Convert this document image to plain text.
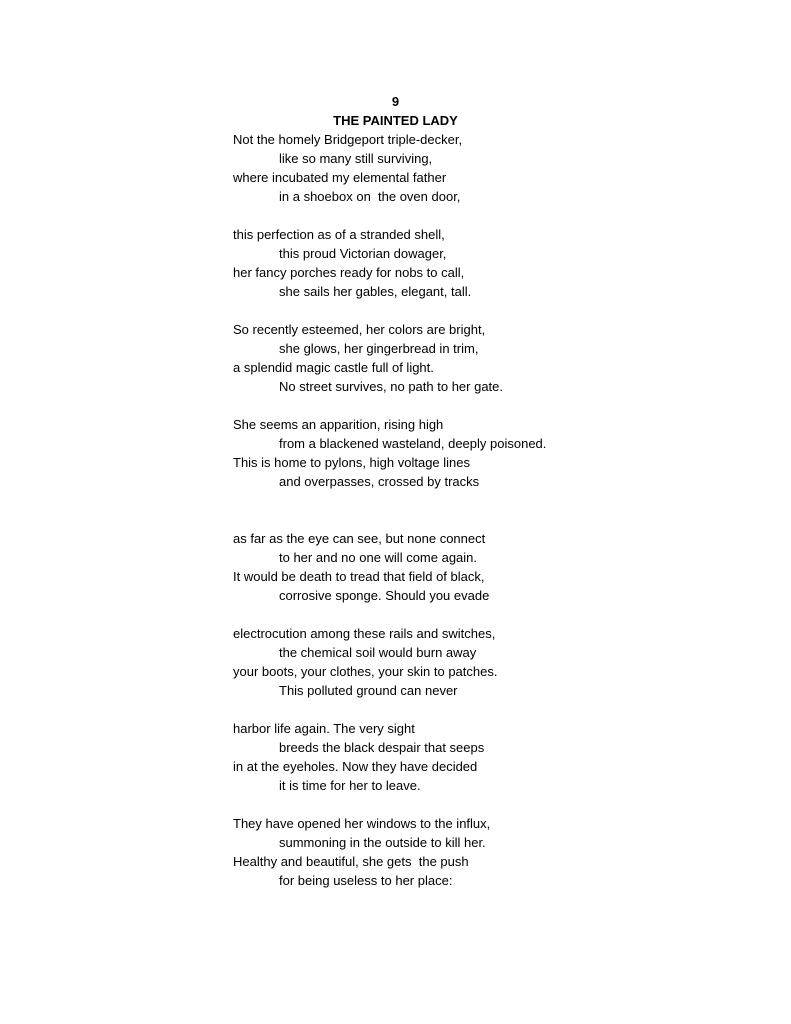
9
THE PAINTED LADY
Not the homely Bridgeport triple-decker,
like so many still surviving,
where incubated my elemental father
in a shoebox on  the oven door,
this perfection as of a stranded shell,
this proud Victorian dowager,
her fancy porches ready for nobs to call,
she sails her gables, elegant, tall.
So recently esteemed, her colors are bright,
she glows, her gingerbread in trim,
a splendid magic castle full of light.
No street survives, no path to her gate.
She seems an apparition, rising high
from a blackened wasteland, deeply poisoned.
This is home to pylons, high voltage lines
and overpasses, crossed by tracks
as far as the eye can see, but none connect
to her and no one will come again.
It would be death to tread that field of black,
corrosive sponge. Should you evade
electrocution among these rails and switches,
the chemical soil would burn away
your boots, your clothes, your skin to patches.
This polluted ground can never
harbor life again. The very sight
breeds the black despair that seeps
in at the eyeholes. Now they have decided
it is time for her to leave.
They have opened her windows to the influx,
summoning in the outside to kill her.
Healthy and beautiful, she gets  the push
for being useless to her place:
